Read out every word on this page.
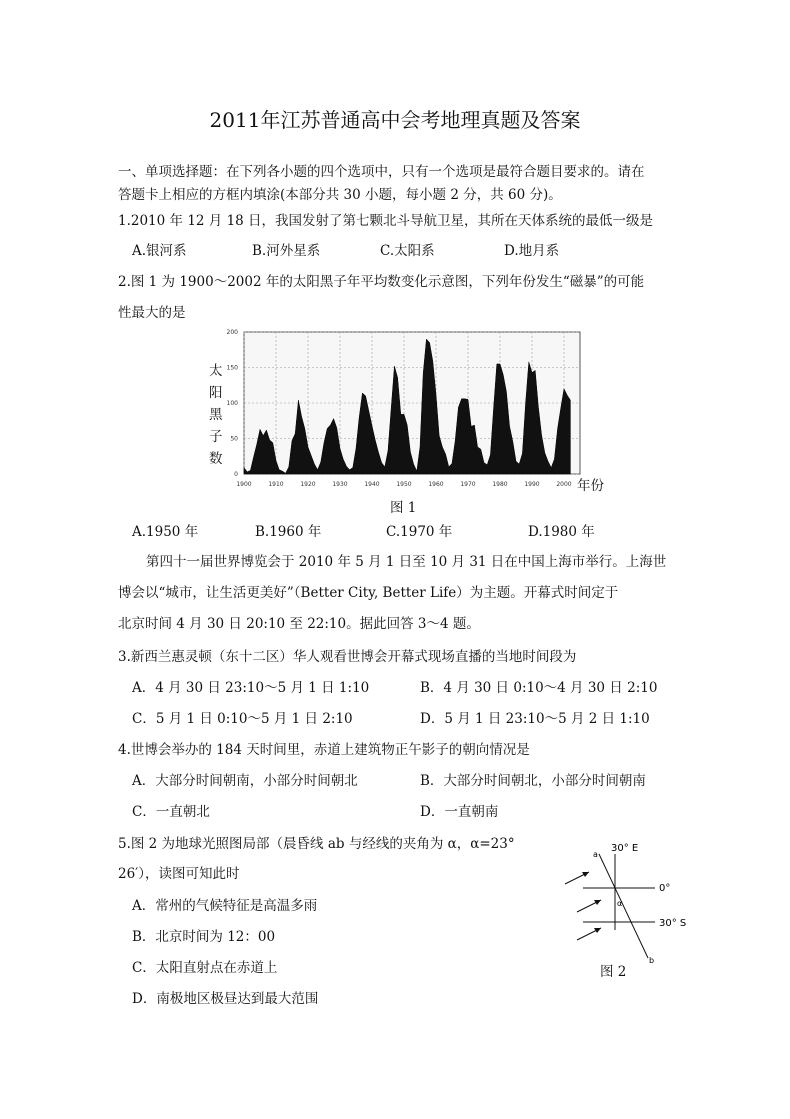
2011年江苏普通高中会考地理真题及答案
一、单项选择题：在下列各小题的四个选项中，只有一个选项是最符合题目要求的。请在
答题卡上相应的方框内填涂(本部分共 30 小题，每小题 2 分，共 60 分)。
1.2010 年 12 月 18 日，我国发射了第七颗北斗导航卫星，其所在天体系统的最低一级是
A.银河系	B.河外星系	C.太阳系	D.地月系
2.图 1 为 1900～2002 年的太阳黑子年平均数变化示意图，下列年份发生“磁暴”的可能
性最大的是
0
50
100
150
200
1900	1910	1920	1930	1940	1950	1960	1970	1980	1990	2000
太
阳
黑
子
数
年份
图 1
A.1950 年	B.1960 年	C.1970 年	D.1980 年
第四十一届世界博览会于 2010 年 5 月 1 日至 10 月 31 日在中国上海市举行。上海世
博会以“城市，让生活更美好”（Better City, Better Life）为主题。开幕式时间定于
北京时间 4 月 30 日 20:10 至 22:10。据此回答 3～4 题。
3.新西兰惠灵顿（东十二区）华人观看世博会开幕式现场直播的当地时间段为
A．4 月 30 日 23:10～5 月 1 日 1:10	B．4 月 30 日 0:10～4 月 30 日 2:10
C．5 月 1 日 0:10～5 月 1 日 2:10	D．5 月 1 日 23:10～5 月 2 日 1:10
4.世博会举办的 184 天时间里，赤道上建筑物正午影子的朝向情况是
A．大部分时间朝南，小部分时间朝北	B．大部分时间朝北，小部分时间朝南
C．一直朝北	D．一直朝南
5.图 2 为地球光照图局部（晨昏线 ab 与经线的夹角为 α，α=23°
26′），读图可知此时
A．常州的气候特征是高温多雨
B．北京时间为 12：00
C．太阳直射点在赤道上
D．南极地区极昼达到最大范围
a
b
α
30° E
0°
30° S
图 2
